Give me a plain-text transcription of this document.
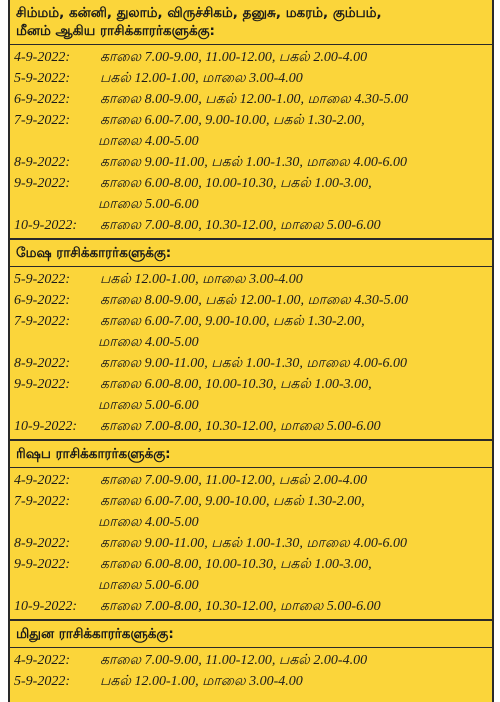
சிம்மம், கன்னி, துலாம், விருச்சிகம், தனுசு, மகரம், கும்பம்,
மீனம் ஆகிய ராசிக்காரர்களுக்கு:
4-9-2022:	காலை 7.00-9.00, 11.00-12.00, பகல் 2.00-4.00
5-9-2022:	பகல் 12.00-1.00, மாலை 3.00-4.00
6-9-2022:	காலை 8.00-9.00, பகல் 12.00-1.00, மாலை 4.30-5.00
7-9-2022:	காலை 6.00-7.00, 9.00-10.00, பகல் 1.30-2.00,
மாலை 4.00-5.00
8-9-2022:	காலை 9.00-11.00, பகல் 1.00-1.30, மாலை 4.00-6.00
9-9-2022:	காலை 6.00-8.00, 10.00-10.30, பகல் 1.00-3.00,
மாலை 5.00-6.00
10-9-2022:	காலை 7.00-8.00, 10.30-12.00, மாலை 5.00-6.00
மேஷ ராசிக்காரர்களுக்கு:
5-9-2022:	பகல் 12.00-1.00, மாலை 3.00-4.00
6-9-2022:	காலை 8.00-9.00, பகல் 12.00-1.00, மாலை 4.30-5.00
7-9-2022:	காலை 6.00-7.00, 9.00-10.00, பகல் 1.30-2.00,
மாலை 4.00-5.00
8-9-2022:	காலை 9.00-11.00, பகல் 1.00-1.30, மாலை 4.00-6.00
9-9-2022:	காலை 6.00-8.00, 10.00-10.30, பகல் 1.00-3.00,
மாலை 5.00-6.00
10-9-2022:	காலை 7.00-8.00, 10.30-12.00, மாலை 5.00-6.00
ரிஷப ராசிக்காரர்களுக்கு:
4-9-2022:	காலை 7.00-9.00, 11.00-12.00, பகல் 2.00-4.00
7-9-2022:	காலை 6.00-7.00, 9.00-10.00, பகல் 1.30-2.00,
மாலை 4.00-5.00
8-9-2022:	காலை 9.00-11.00, பகல் 1.00-1.30, மாலை 4.00-6.00
9-9-2022:	காலை 6.00-8.00, 10.00-10.30, பகல் 1.00-3.00,
மாலை 5.00-6.00
10-9-2022:	காலை 7.00-8.00, 10.30-12.00, மாலை 5.00-6.00
மிதுன ராசிக்காரர்களுக்கு:
4-9-2022:	காலை 7.00-9.00, 11.00-12.00, பகல் 2.00-4.00
5-9-2022:	பகல் 12.00-1.00, மாலை 3.00-4.00
